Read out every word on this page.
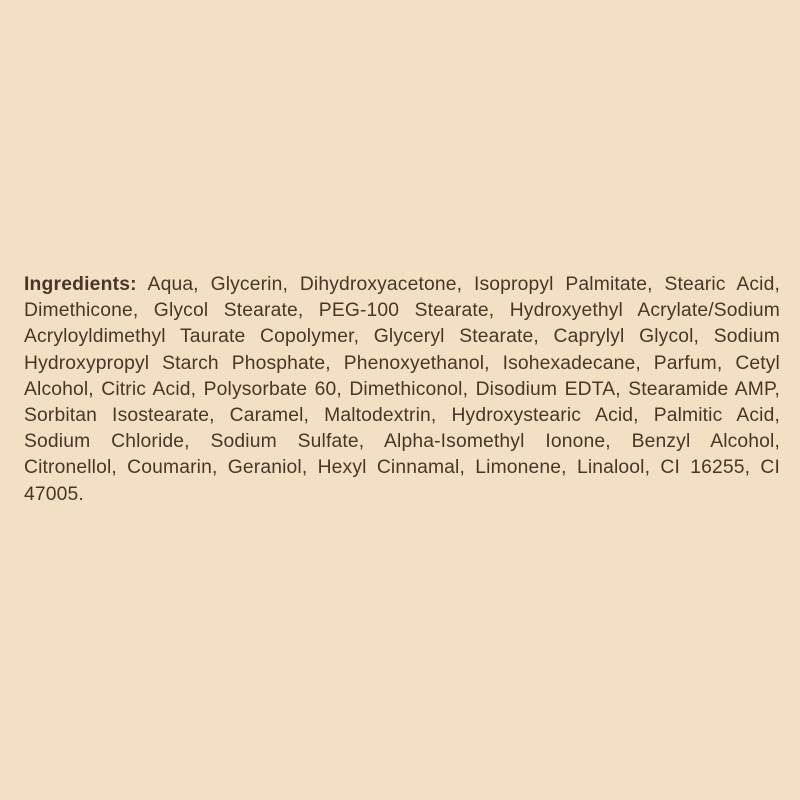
Ingredients: Aqua, Glycerin, Dihydroxyacetone, Isopropyl Palmitate, Stearic Acid, Dimethicone, Glycol Stearate, PEG-100 Stearate, Hydroxyethyl Acrylate/Sodium Acryloyldimethyl Taurate Copolymer, Glyceryl Stearate, Caprylyl Glycol, Sodium Hydroxypropyl Starch Phosphate, Phenoxyethanol, Isohexadecane, Parfum, Cetyl Alcohol, Citric Acid, Polysorbate 60, Dimethiconol, Disodium EDTA, Stearamide AMP, Sorbitan Isostearate, Caramel, Maltodextrin, Hydroxystearic Acid, Palmitic Acid, Sodium Chloride, Sodium Sulfate, Alpha-Isomethyl Ionone, Benzyl Alcohol, Citronellol, Coumarin, Geraniol, Hexyl Cinnamal, Limonene, Linalool, CI 16255, CI 47005.
